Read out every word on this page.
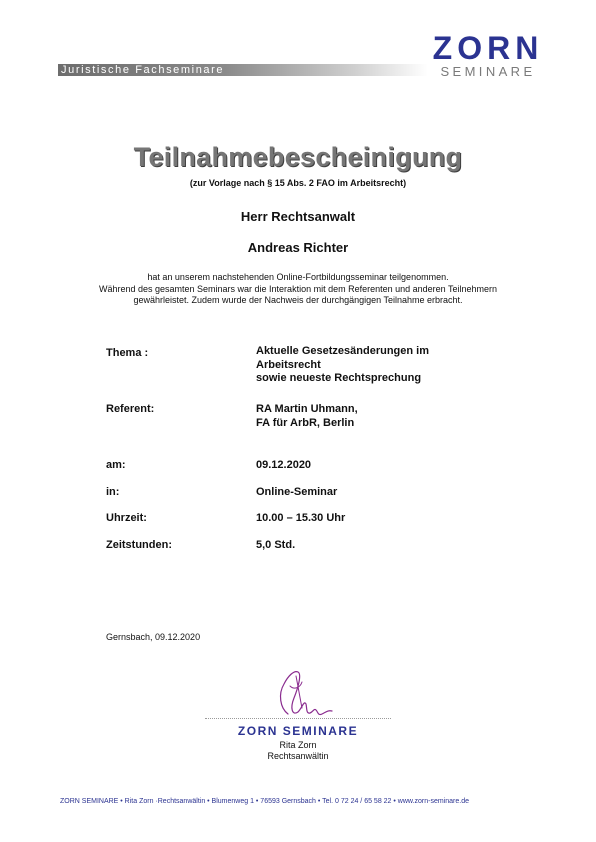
Juristische Fachseminare
ZORN
SEMINARE
Teilnahmebescheinigung
(zur Vorlage nach § 15 Abs. 2 FAO im Arbeitsrecht)
Herr Rechtsanwalt
Andreas Richter
hat an unserem nachstehenden Online-Fortbildungsseminar teilgenommen.
Während des gesamten Seminars war die Interaktion mit dem Referenten und anderen Teilnehmern
gewährleistet. Zudem wurde der Nachweis der durchgängigen Teilnahme erbracht.
Thema :	Aktuelle Gesetzesänderungen im
Arbeitsrecht
sowie neueste Rechtsprechung
Referent:	RA Martin Uhmann,
FA für ArbR, Berlin
am:	09.12.2020
in:	Online-Seminar
Uhrzeit:	10.00 – 15.30 Uhr
Zeitstunden:	5,0 Std.
Gernsbach, 09.12.2020
ZORN SEMINARE
Rita Zorn
Rechtsanwältin
ZORN SEMINARE • Rita Zorn ·Rechtsanwältin • Blumenweg 1 • 76593 Gernsbach • Tel. 0 72 24 / 65 58 22 • www.zorn-seminare.de
